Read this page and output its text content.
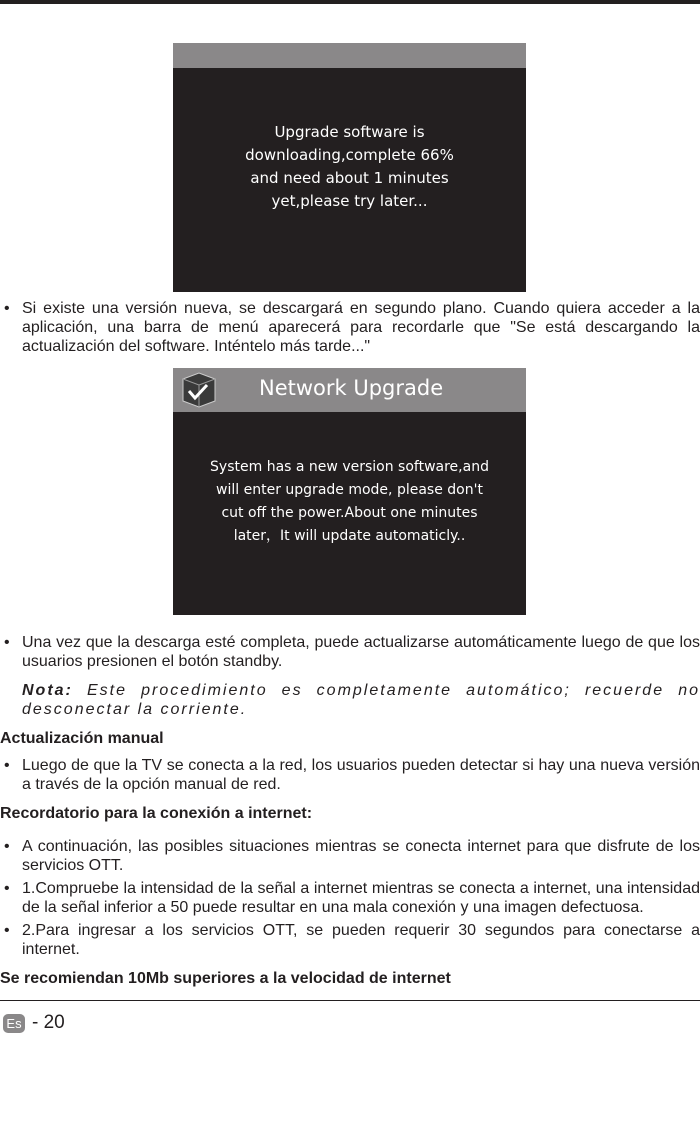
Upgrade software is
downloading,complete 66%
and need about 1 minutes
yet,please try later...
• Si existe una versión nueva, se descargará en segundo plano. Cuando quiera acceder a la aplicación, una barra de menú aparecerá para recordarle que "Se está descargando la actualización del software. Inténtelo más tarde..."
Network Upgrade
System has a new version software,and
will enter upgrade mode, please don't
cut off the power.About one minutes
later，It will update automaticly..
• Una vez que la descarga esté completa, puede actualizarse automáticamente luego de que los usuarios presionen el botón standby.
Nota: Este procedimiento es completamente automático; recuerde no desconectar la corriente.
Actualización manual
• Luego de que la TV se conecta a la red, los usuarios pueden detectar si hay una nueva versión a través de la opción manual de red.
Recordatorio para la conexión a internet:
• A continuación, las posibles situaciones mientras se conecta internet para que disfrute de los servicios OTT.
• 1.Compruebe la intensidad de la señal a internet mientras se conecta a internet, una intensidad de la señal inferior a 50 puede resultar en una mala conexión y una imagen defectuosa.
• 2.Para ingresar a los servicios OTT, se pueden requerir 30 segundos para conectarse a internet.
Se recomiendan 10Mb superiores a la velocidad de internet
Es - 20
